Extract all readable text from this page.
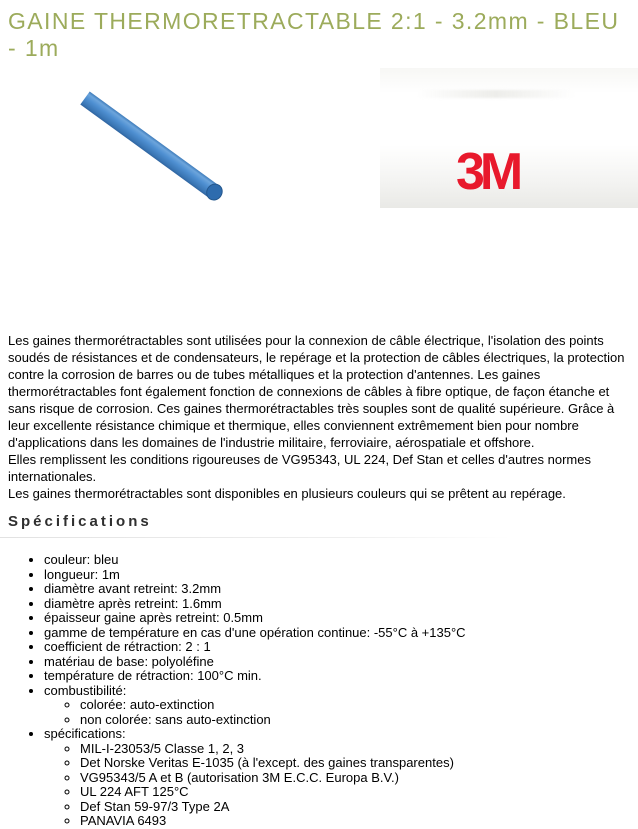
GAINE THERMORETRACTABLE 2:1 - 3.2mm - BLEU - 1m
3M

Les gaines thermorétractables sont utilisées pour la connexion de câble électrique, l'isolation des points soudés de résistances et de condensateurs, le repérage et la protection de câbles électriques, la protection contre la corrosion de barres ou de tubes métalliques et la protection d'antennes. Les gaines thermorétractables font également fonction de connexions de câbles à fibre optique, de façon étanche et sans risque de corrosion. Ces gaines thermorétractables très souples sont de qualité supérieure. Grâce à leur excellente résistance chimique et thermique, elles conviennent extrêmement bien pour nombre d'applications dans les domaines de l'industrie militaire, ferroviaire, aérospatiale et offshore.

Elles remplissent les conditions rigoureuses de VG95343, UL 224, Def Stan et celles d'autres normes internationales.

Les gaines thermorétractables sont disponibles en plusieurs couleurs qui se prêtent au repérage.

Spécifications
• couleur: bleu
• longueur: 1m
• diamètre avant retreint: 3.2mm
• diamètre après retreint: 1.6mm
• épaisseur gaine après retreint: 0.5mm
• gamme de température en cas d'une opération continue: -55°C à +135°C
• coefficient de rétraction: 2 : 1
• matériau de base: polyoléfine
• température de rétraction: 100°C min.
• combustibilité:
◦ colorée: auto-extinction
◦ non colorée: sans auto-extinction
• spécifications:
◦ MIL-I-23053/5 Classe 1, 2, 3
◦ Det Norske Veritas E-1035 (à l'except. des gaines transparentes)
◦ VG95343/5 A et B (autorisation 3M E.C.C. Europa B.V.)
◦ UL 224 AFT 125°C
◦ Def Stan 59-97/3 Type 2A
◦ PANAVIA 6493
